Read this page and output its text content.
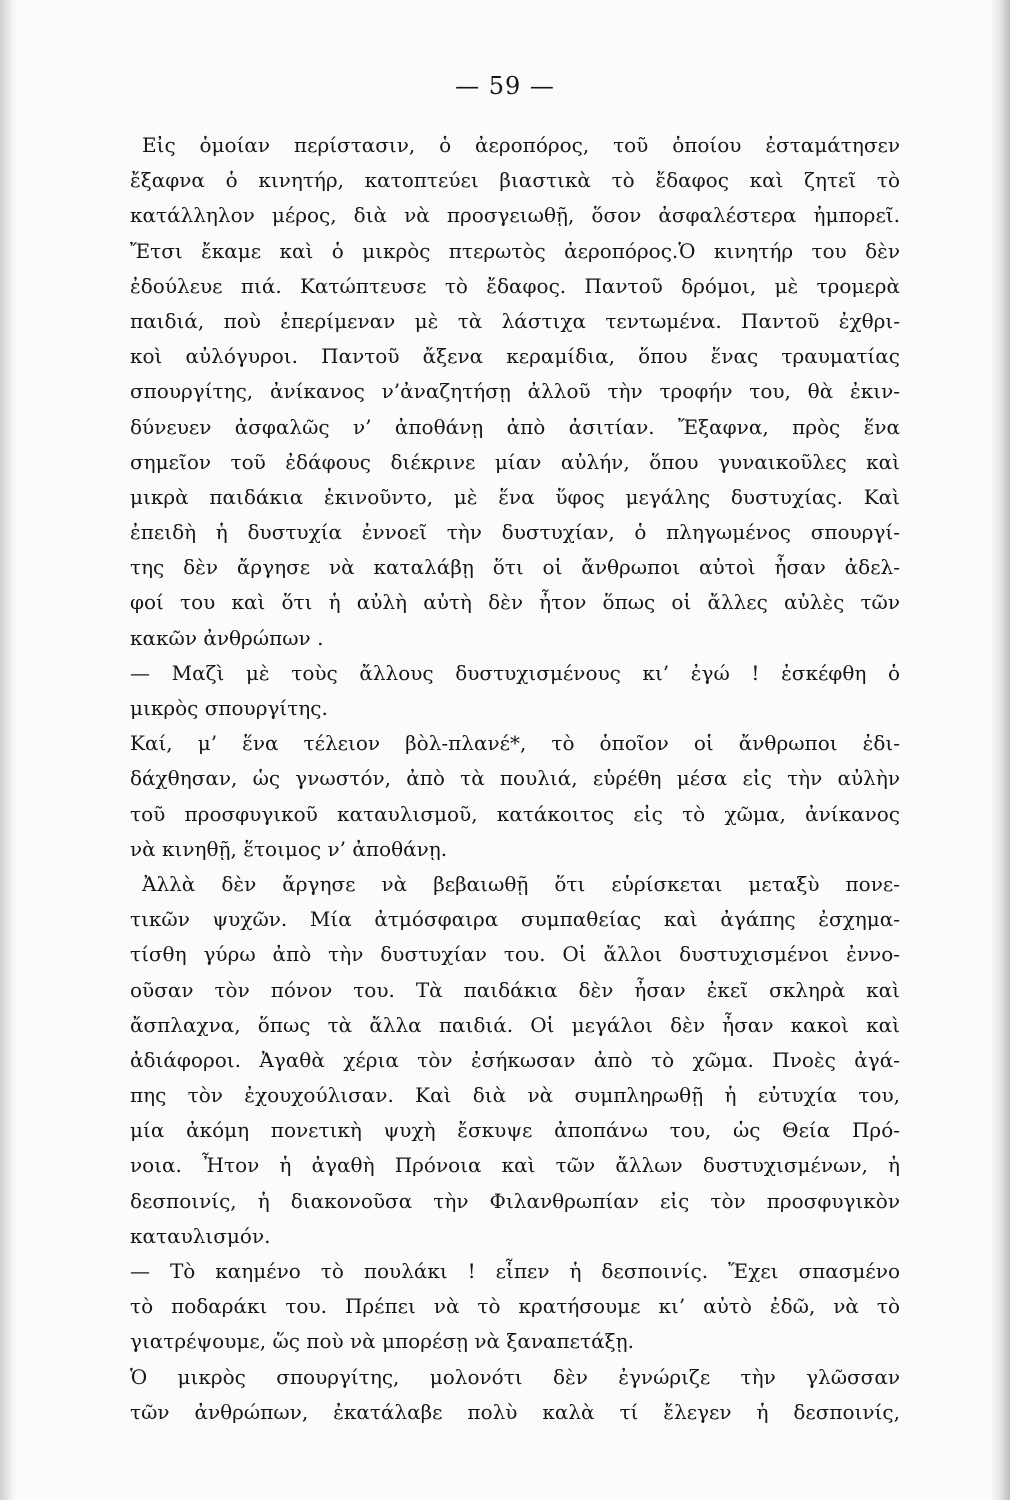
— 59 —
Εἰς ὁμοίαν περίστασιν, ὁ ἀεροπόρος, τοῦ ὁποίου ἐσταμάτησεν
ἔξαφνα ὁ κινητήρ, κατοπτεύει βιαστικὰ τὸ ἔδαφος καὶ ζητεῖ τὸ
κατάλληλον μέρος, διὰ νὰ προσγειωθῇ, ὅσον ἀσφαλέστερα ἠμπορεῖ.
Ἔτσι ἔκαμε καὶ ὁ μικρὸς πτερωτὸς ἀεροπόρος.Ὁ κινητήρ του δὲν
ἐδούλευε πιά. Κατώπτευσε τὸ ἔδαφος. Παντοῦ δρόμοι, μὲ τρομερὰ
παιδιά, ποὺ ἐπερίμεναν μὲ τὰ λάστιχα τεντωμένα. Παντοῦ ἐχθρι-
κοὶ αὐλόγυροι. Παντοῦ ἄξενα κεραμίδια, ὅπου ἕνας τραυματίας
σπουργίτης, ἀνίκανος ν’ἀναζητήσῃ ἀλλοῦ τὴν τροφήν του, θὰ ἐκιν-
δύνευεν ἀσφαλῶς ν’ ἀποθάνῃ ἀπὸ ἀσιτίαν. Ἔξαφνα, πρὸς ἕνα
σημεῖον τοῦ ἐδάφους διέκρινε μίαν αὐλήν, ὅπου γυναικοῦλες καὶ
μικρὰ παιδάκια ἐκινοῦντο, μὲ ἕνα ὕφος μεγάλης δυστυχίας. Καὶ
ἐπειδὴ ἡ δυστυχία ἐννοεῖ τὴν δυστυχίαν, ὁ πληγωμένος σπουργί-
της δὲν ἄργησε νὰ καταλάβῃ ὅτι οἱ ἄνθρωποι αὐτοὶ ἦσαν ἀδελ-
φοί του καὶ ὅτι ἡ αὐλὴ αὐτὴ δὲν ἦτον ὅπως οἱ ἄλλες αὐλὲς τῶν
κακῶν ἀνθρώπων .
— Μαζὶ μὲ τοὺς ἄλλους δυστυχισμένους κι’ ἐγώ ! ἐσκέφθη ὁ
μικρὸς σπουργίτης.
Καί, μ’ ἕνα τέλειον βὸλ-πλανέ*, τὸ ὁποῖον οἱ ἄνθρωποι ἐδι-
δάχθησαν, ὡς γνωστόν, ἀπὸ τὰ πουλιά, εὑρέθη μέσα εἰς τὴν αὐλὴν
τοῦ προσφυγικοῦ καταυλισμοῦ, κατάκοιτος εἰς τὸ χῶμα, ἀνίκανος
νὰ κινηθῇ, ἕτοιμος ν’ ἀποθάνῃ.
Ἀλλὰ δὲν ἄργησε νὰ βεβαιωθῇ ὅτι εὑρίσκεται μεταξὺ πονε-
τικῶν ψυχῶν. Μία ἀτμόσφαιρα συμπαθείας καὶ ἀγάπης ἐσχημα-
τίσθη γύρω ἀπὸ τὴν δυστυχίαν του. Οἱ ἄλλοι δυστυχισμένοι ἐννο-
οῦσαν τὸν πόνον του. Τὰ παιδάκια δὲν ἦσαν ἐκεῖ σκληρὰ καὶ
ἄσπλαχνα, ὅπως τὰ ἄλλα παιδιά. Οἱ μεγάλοι δὲν ἦσαν κακοὶ καὶ
ἀδιάφοροι. Ἀγαθὰ χέρια τὸν ἐσήκωσαν ἀπὸ τὸ χῶμα. Πνοὲς ἀγά-
πης τὸν ἐχουχούλισαν. Καὶ διὰ νὰ συμπληρωθῇ ἡ εὐτυχία του,
μία ἀκόμη πονετικὴ ψυχὴ ἔσκυψε ἀποπάνω του, ὡς Θεία Πρό-
νοια. Ἦτον ἡ ἀγαθὴ Πρόνοια καὶ τῶν ἄλλων δυστυχισμένων, ἡ
δεσποινίς, ἡ διακονοῦσα τὴν Φιλανθρωπίαν εἰς τὸν προσφυγικὸν
καταυλισμόν.
— Τὸ καημένο τὸ πουλάκι ! εἶπεν ἡ δεσποινίς. Ἔχει σπασμένο
τὸ ποδαράκι του. Πρέπει νὰ τὸ κρατήσουμε κι’ αὐτὸ ἐδῶ, νὰ τὸ
γιατρέψουμε, ὥς ποὺ νὰ μπορέσῃ νὰ ξαναπετάξῃ.
Ὁ μικρὸς σπουργίτης, μολονότι δὲν ἐγνώριζε τὴν γλῶσσαν
τῶν ἀνθρώπων, ἐκατάλαβε πολὺ καλὰ τί ἔλεγεν ἡ δεσποινίς,
